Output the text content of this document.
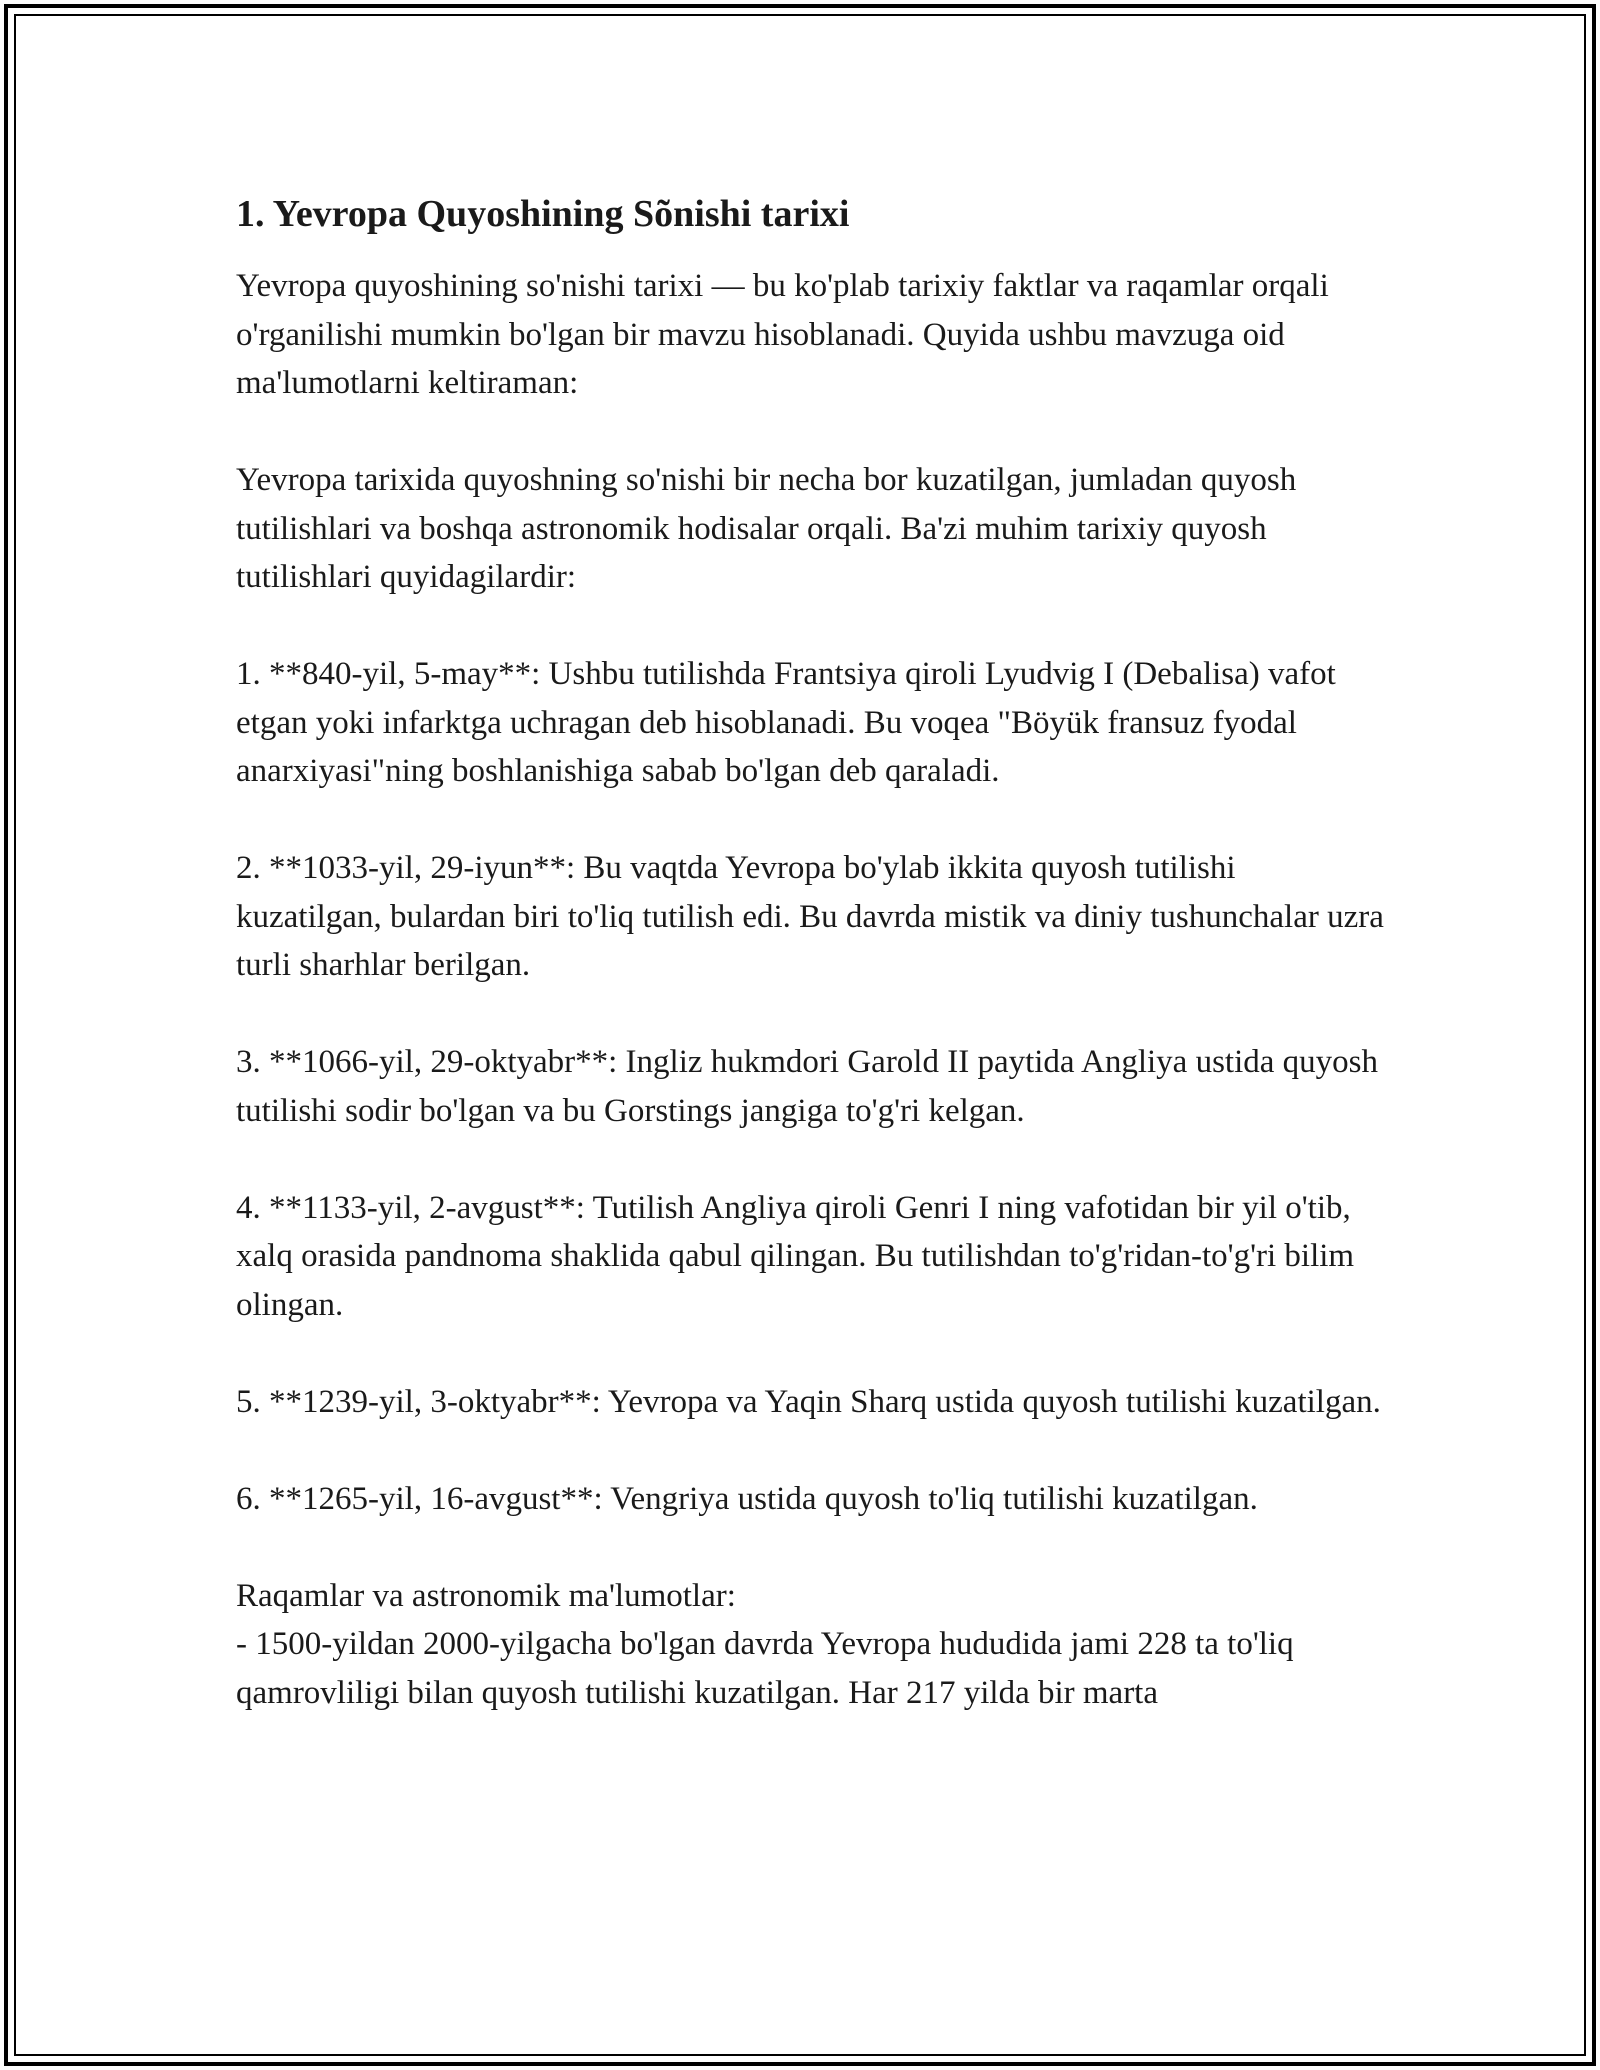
1. Yevropa Quyoshining Sõnishi tarixi

Yevropa quyoshining so'nishi tarixi — bu ko'plab tarixiy faktlar va raqamlar orqali o'rganilishi mumkin bo'lgan bir mavzu hisoblanadi. Quyida ushbu mavzuga oid ma'lumotlarni keltiraman:

Yevropa tarixida quyoshning so'nishi bir necha bor kuzatilgan, jumladan quyosh tutilishlari va boshqa astronomik hodisalar orqali. Ba'zi muhim tarixiy quyosh tutilishlari quyidagilardir:

1. **840-yil, 5-may**: Ushbu tutilishda Frantsiya qiroli Lyudvig I (Debalisa) vafot etgan yoki infarktga uchragan deb hisoblanadi. Bu voqea "Böyük fransuz fyodal anarxiyasi"ning boshlanishiga sabab bo'lgan deb qaraladi.

2. **1033-yil, 29-iyun**: Bu vaqtda Yevropa bo'ylab ikkita quyosh tutilishi kuzatilgan, bulardan biri to'liq tutilish edi. Bu davrda mistik va diniy tushunchalar uzra turli sharhlar berilgan.

3. **1066-yil, 29-oktyabr**: Ingliz hukmdori Garold II paytida Angliya ustida quyosh tutilishi sodir bo'lgan va bu Gorstings jangiga to'g'ri kelgan.

4. **1133-yil, 2-avgust**: Tutilish Angliya qiroli Genri I ning vafotidan bir yil o'tib, xalq orasida pandnoma shaklida qabul qilingan. Bu tutilishdan to'g'ridan-to'g'ri bilim olingan.

5. **1239-yil, 3-oktyabr**: Yevropa va Yaqin Sharq ustida quyosh tutilishi kuzatilgan.

6. **1265-yil, 16-avgust**: Vengriya ustida quyosh to'liq tutilishi kuzatilgan.

Raqamlar va astronomik ma'lumotlar:

- 1500-yildan 2000-yilgacha bo'lgan davrda Yevropa hududida jami 228 ta to'liq qamrovliligi bilan quyosh tutilishi kuzatilgan. Har 217 yilda bir marta
